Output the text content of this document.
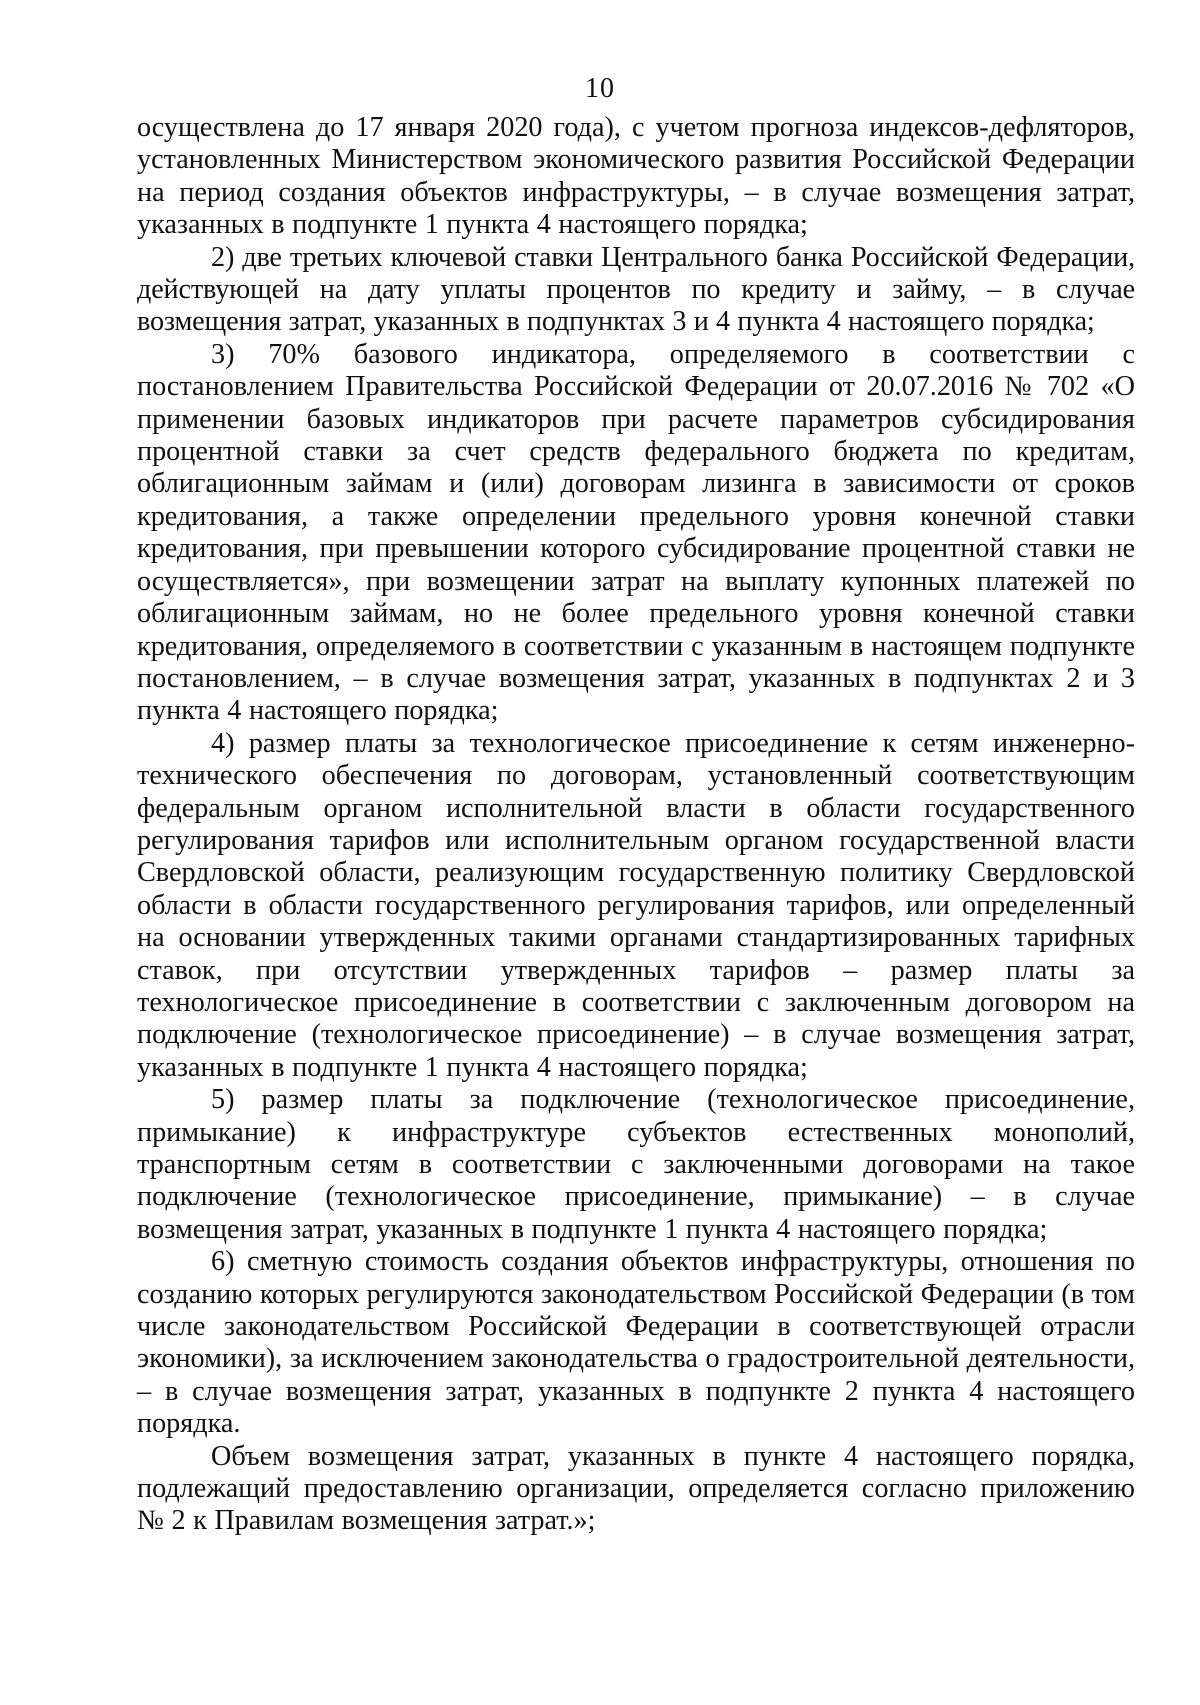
10

осуществлена до 17 января 2020 года), с учетом прогноза индексов-дефляторов, установленных Министерством экономического развития Российской Федерации на период создания объектов инфраструктуры, – в случае возмещения затрат, указанных в подпункте 1 пункта 4 настоящего порядка;

2) две третьих ключевой ставки Центрального банка Российской Федерации, действующей на дату уплаты процентов по кредиту и займу, – в случае возмещения затрат, указанных в подпунктах 3 и 4 пункта 4 настоящего порядка;

3) 70% базового индикатора, определяемого в соответствии с постановлением Правительства Российской Федерации от 20.07.2016 № 702 «О применении базовых индикаторов при расчете параметров субсидирования процентной ставки за счет средств федерального бюджета по кредитам, облигационным займам и (или) договорам лизинга в зависимости от сроков кредитования, а также определении предельного уровня конечной ставки кредитования, при превышении которого субсидирование процентной ставки не осуществляется», при возмещении затрат на выплату купонных платежей по облигационным займам, но не более предельного уровня конечной ставки кредитования, определяемого в соответствии с указанным в настоящем подпункте постановлением, – в случае возмещения затрат, указанных в подпунктах 2 и 3 пункта 4 настоящего порядка;

4) размер платы за технологическое присоединение к сетям инженерно-технического обеспечения по договорам, установленный соответствующим федеральным органом исполнительной власти в области государственного регулирования тарифов или исполнительным органом государственной власти Свердловской области, реализующим государственную политику Свердловской области в области государственного регулирования тарифов, или определенный на основании утвержденных такими органами стандартизированных тарифных ставок, при отсутствии утвержденных тарифов – размер платы за технологическое присоединение в соответствии с заключенным договором на подключение (технологическое присоединение) – в случае возмещения затрат, указанных в подпункте 1 пункта 4 настоящего порядка;

5) размер платы за подключение (технологическое присоединение, примыкание) к инфраструктуре субъектов естественных монополий, транспортным сетям в соответствии с заключенными договорами на такое подключение (технологическое присоединение, примыкание) – в случае возмещения затрат, указанных в подпункте 1 пункта 4 настоящего порядка;

6) сметную стоимость создания объектов инфраструктуры, отношения по созданию которых регулируются законодательством Российской Федерации (в том числе законодательством Российской Федерации в соответствующей отрасли экономики), за исключением законодательства о градостроительной деятельности, – в случае возмещения затрат, указанных в подпункте 2 пункта 4 настоящего порядка.

Объем возмещения затрат, указанных в пункте 4 настоящего порядка, подлежащий предоставлению организации, определяется согласно приложению № 2 к Правилам возмещения затрат.»;
